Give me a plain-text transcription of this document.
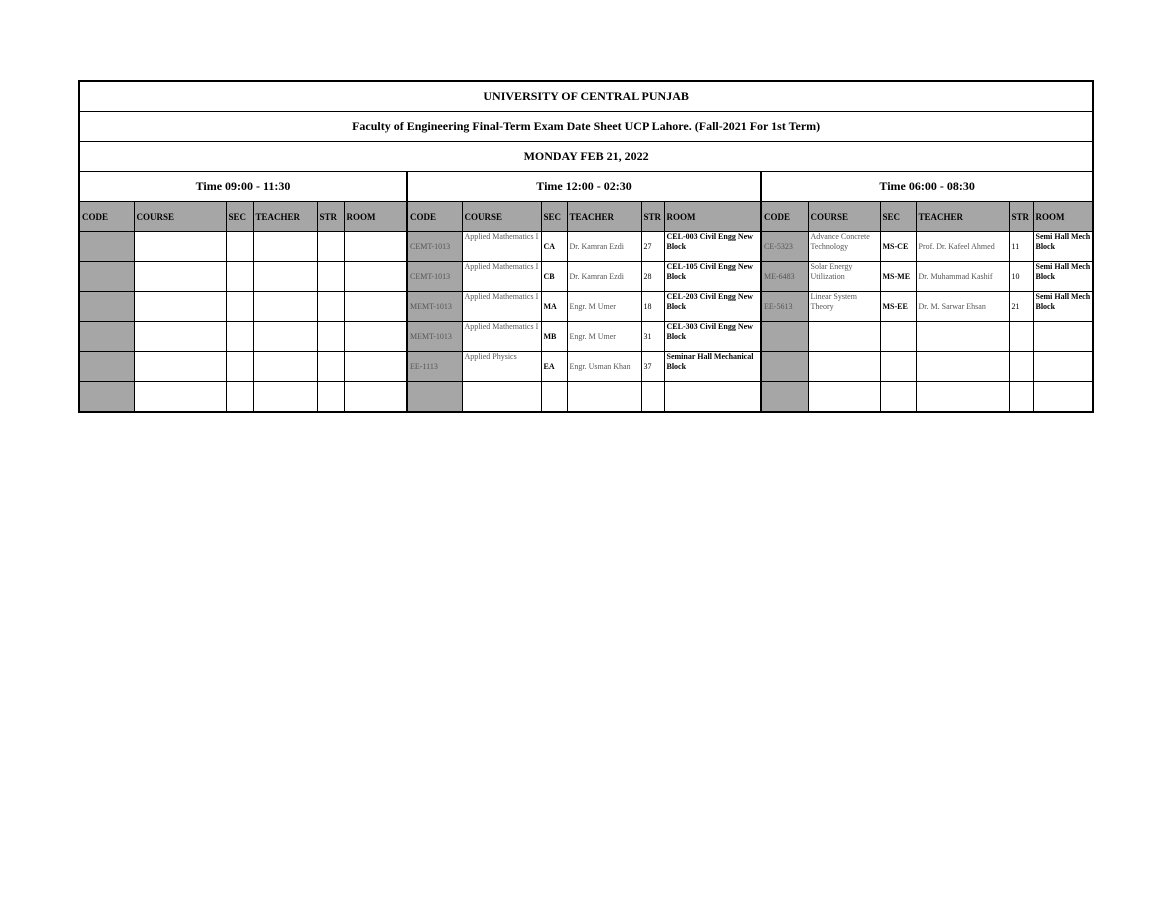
UNIVERSITY OF CENTRAL PUNJAB																	
Faculty of Engineering Final-Term Exam Date Sheet UCP Lahore. (Fall-2021 For 1st Term)																	
MONDAY FEB 21, 2022																	
Time 09:00 - 11:30						Time 12:00 - 02:30						Time 06:00 - 08:30					
CODE	COURSE	SEC	TEACHER	STR	ROOM	CODE	COURSE	SEC	TEACHER	STR	ROOM	CODE	COURSE	SEC	TEACHER	STR	ROOM
						CEMT-1013	Applied Mathematics I	CA	Dr. Kamran Ezdi	27	CEL-003 Civil Engg New Block	CE-5323	Advance Concrete Technology	MS-CE	Prof. Dr. Kafeel Ahmed	11	Semi Hall Mech Block
						CEMT-1013	Applied Mathematics I	CB	Dr. Kamran Ezdi	28	CEL-105 Civil Engg New Block	ME-6483	Solar Energy Utilization	MS-ME	Dr. Muhammad Kashif	10	Semi Hall Mech Block
						MEMT-1013	Applied Mathematics I	MA	Engr. M Umer	18	CEL-203 Civil Engg New Block	EE-5613	Linear System Theory	MS-EE	Dr. M. Sarwar Ehsan	21	Semi Hall Mech Block
						MEMT-1013	Applied Mathematics I	MB	Engr. M Umer	31	CEL-303 Civil Engg New Block						
						EE-1113	Applied Physics	EA	Engr. Usman Khan	37	Seminar Hall Mechanical Block						
